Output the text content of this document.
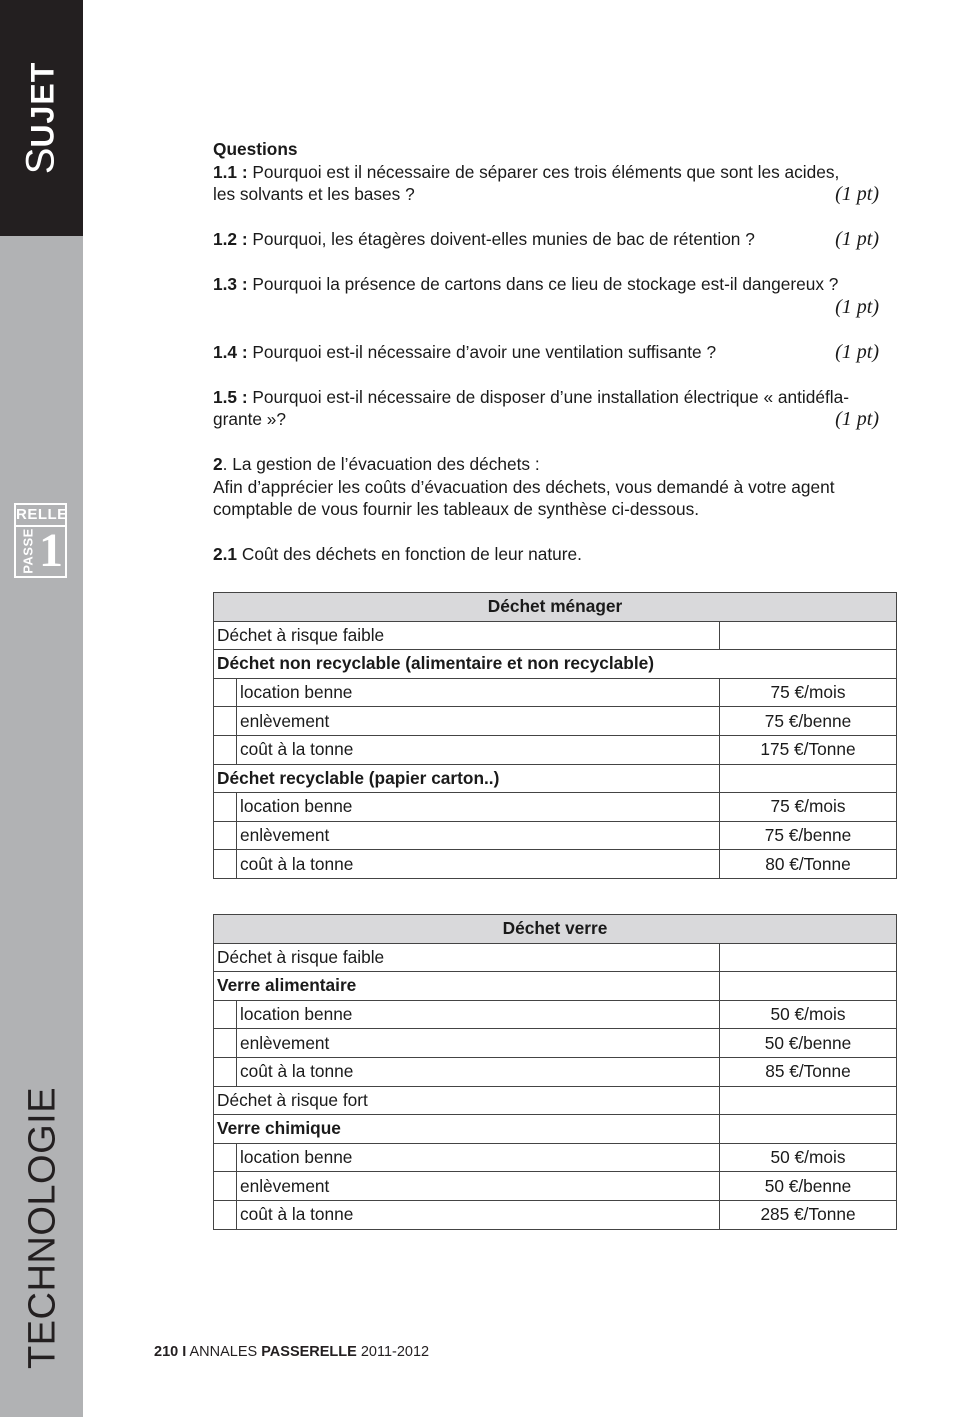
SUJET
RELLE
PASSE 1
TECHNOLOGIE
Questions
1.1 : Pourquoi est il nécessaire de séparer ces trois éléments que sont les acides,
les solvants et les bases ?	(1 pt)
1.2 : Pourquoi, les étagères doivent-elles munies de bac de rétention ?	(1 pt)
1.3 : Pourquoi la présence de cartons dans ce lieu de stockage est-il dangereux ?

(1 pt)
1.4 : Pourquoi est-il nécessaire d’avoir une ventilation suffisante ?	(1 pt)
1.5 : Pourquoi est-il nécessaire de disposer d’une installation électrique « antidéfla-
grante »?	(1 pt)
2. La gestion de l’évacuation des déchets :
Afin d’apprécier les coûts d’évacuation des déchets, vous demandé à votre agent
comptable de vous fournir les tableaux de synthèse ci-dessous.
2.1 Coût des déchets en fonction de leur nature.
Déchet ménager		
Déchet à risque faible		
Déchet non recyclable (alimentaire et non recyclable)		
	location benne	75 €/mois
	enlèvement	75 €/benne
	coût à la tonne	175 €/Tonne
Déchet recyclable (papier carton..)		
	location benne	75 €/mois
	enlèvement	75 €/benne
	coût à la tonne	80 €/Tonne
Déchet verre		
Déchet à risque faible		
Verre alimentaire		
	location benne	50 €/mois
	enlèvement	50 €/benne
	coût à la tonne	85 €/Tonne
Déchet à risque fort		
Verre chimique		
	location benne	50 €/mois
	enlèvement	50 €/benne
	coût à la tonne	285 €/Tonne
210 I ANNALES PASSERELLE 2011-2012
